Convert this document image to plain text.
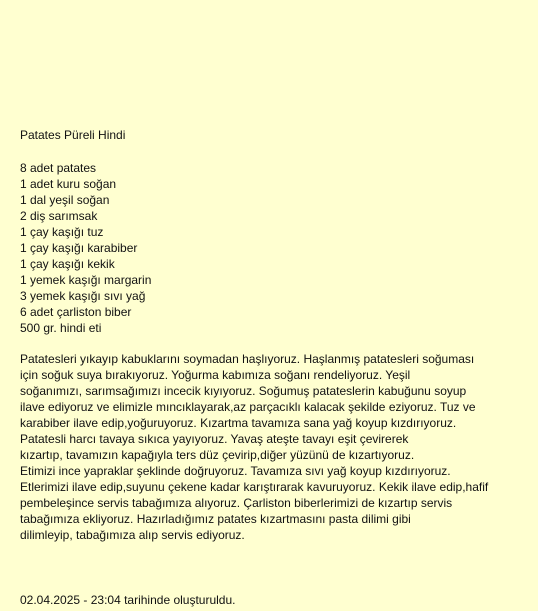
Patates Püreli Hindi
8 adet patates
1 adet kuru soğan
1 dal yeşil soğan
2 diş sarımsak
1 çay kaşığı tuz
1 çay kaşığı karabiber
1 çay kaşığı kekik
1 yemek kaşığı margarin
3 yemek kaşığı sıvı yağ
6 adet çarliston biber
500 gr. hindi eti

Patatesleri yıkayıp kabuklarını soymadan haşlıyoruz. Haşlanmış patatesleri soğuması
için soğuk suya bırakıyoruz. Yoğurma kabımıza soğanı rendeliyoruz. Yeşil
soğanımızı, sarımsağımızı incecik kıyıyoruz. Soğumuş patateslerin kabuğunu soyup
ilave ediyoruz ve elimizle mıncıklayarak,az parçacıklı kalacak şekilde eziyoruz. Tuz ve
karabiber ilave edip,yoğuruyoruz. Kızartma tavamıza sana yağ koyup kızdırıyoruz.
Patatesli harcı tavaya sıkıca yayıyoruz. Yavaş ateşte tavayı eşit çevirerek
kızartıp, tavamızın kapağıyla ters düz çevirip,diğer yüzünü de kızartıyoruz.
Etimizi ince yapraklar şeklinde doğruyoruz. Tavamıza sıvı yağ koyup kızdırıyoruz.
Etlerimizi ilave edip,suyunu çekene kadar karıştırarak kavuruyoruz. Kekik ilave edip,hafif
pembeleşince servis tabağımıza alıyoruz. Çarliston biberlerimizi de kızartıp servis
tabağımıza ekliyoruz. Hazırladığımız patates kızartmasını pasta dilimi gibi
dilimleyip, tabağımıza alıp servis ediyoruz.

02.04.2025 - 23:04 tarihinde oluşturuldu.
